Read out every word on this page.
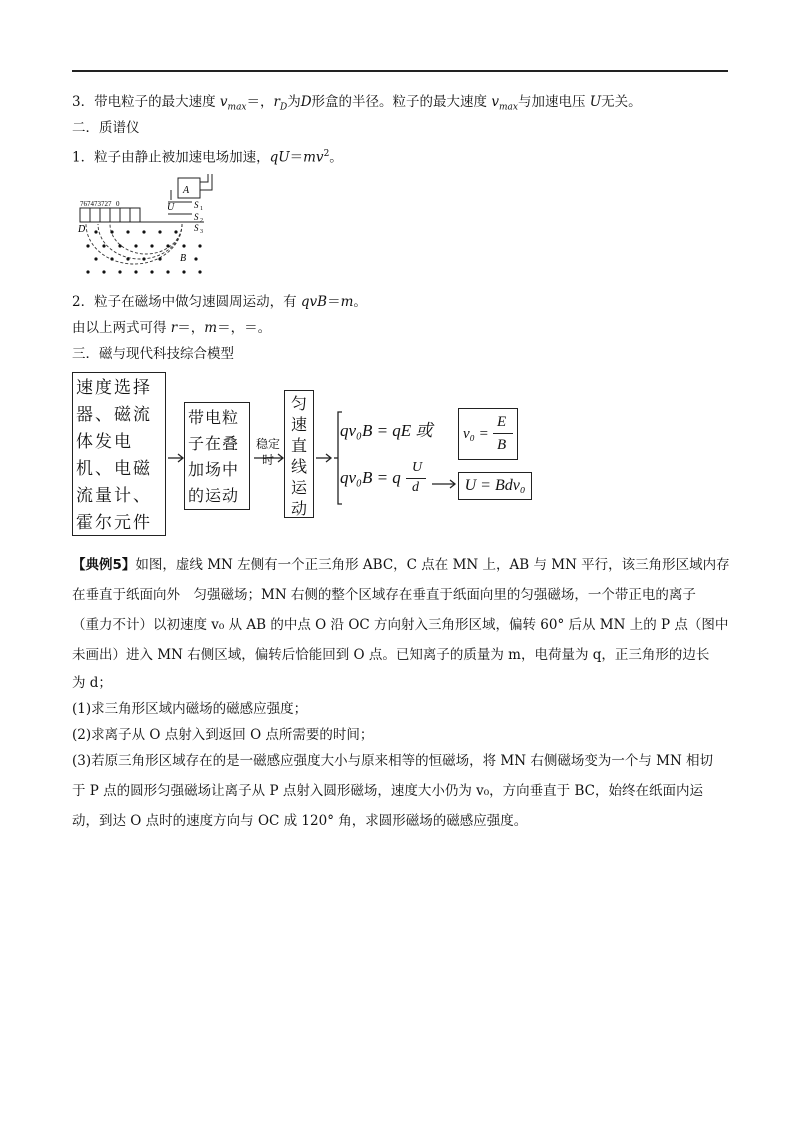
3．带电粒子的最大速度 $v_{max}=$，$r_D$为D形盒的半径。粒子的最大速度 $v_{max}$与加速电压 U无关。
二．质谱仪
1．粒子由静止被加速电场加速，$qU=mv^2$。
767473727 0
A
U S 1
S 2
S 3
D
B
2．粒子在磁场中做匀速圆周运动，有 qvB＝m。
由以上两式可得 r＝，m＝，＝。
三．磁与现代科技综合模型
速度选择器、磁流体发电机、电磁流量计、霍尔元件
带电粒子在叠加场中的运动
稳定时
匀速直线运动
qv₀B = qE 或 v₀ =
E
B
qv₀B = q
U
d	U = Bdv₀
【典例5】如图，虚线 MN 左侧有一个正三角形 ABC，C 点在 MN 上，AB 与 MN 平行，该三角形区域内存
在垂直于纸面向外　匀强磁场；MN 右侧的整个区域存在垂直于纸面向里的匀强磁场，一个带正电的离子
（重力不计）以初速度 v₀ 从 AB 的中点 O 沿 OC 方向射入三角形区域，偏转 60° 后从 MN 上的 P 点（图中
未画出）进入 MN 右侧区域，偏转后恰能回到 O 点。已知离子的质量为 m，电荷量为 q，正三角形的边长
为 d；
(1)求三角形区域内磁场的磁感应强度；
(2)求离子从 O 点射入到返回 O 点所需要的时间；
(3)若原三角形区域存在的是一磁感应强度大小与原来相等的恒磁场，将 MN 右侧磁场变为一个与 MN 相切
于 P 点的圆形匀强磁场让离子从 P 点射入圆形磁场，速度大小仍为 v₀，方向垂直于 BC，始终在纸面内运
动，到达 O 点时的速度方向与 OC 成 120° 角，求圆形磁场的磁感应强度。
